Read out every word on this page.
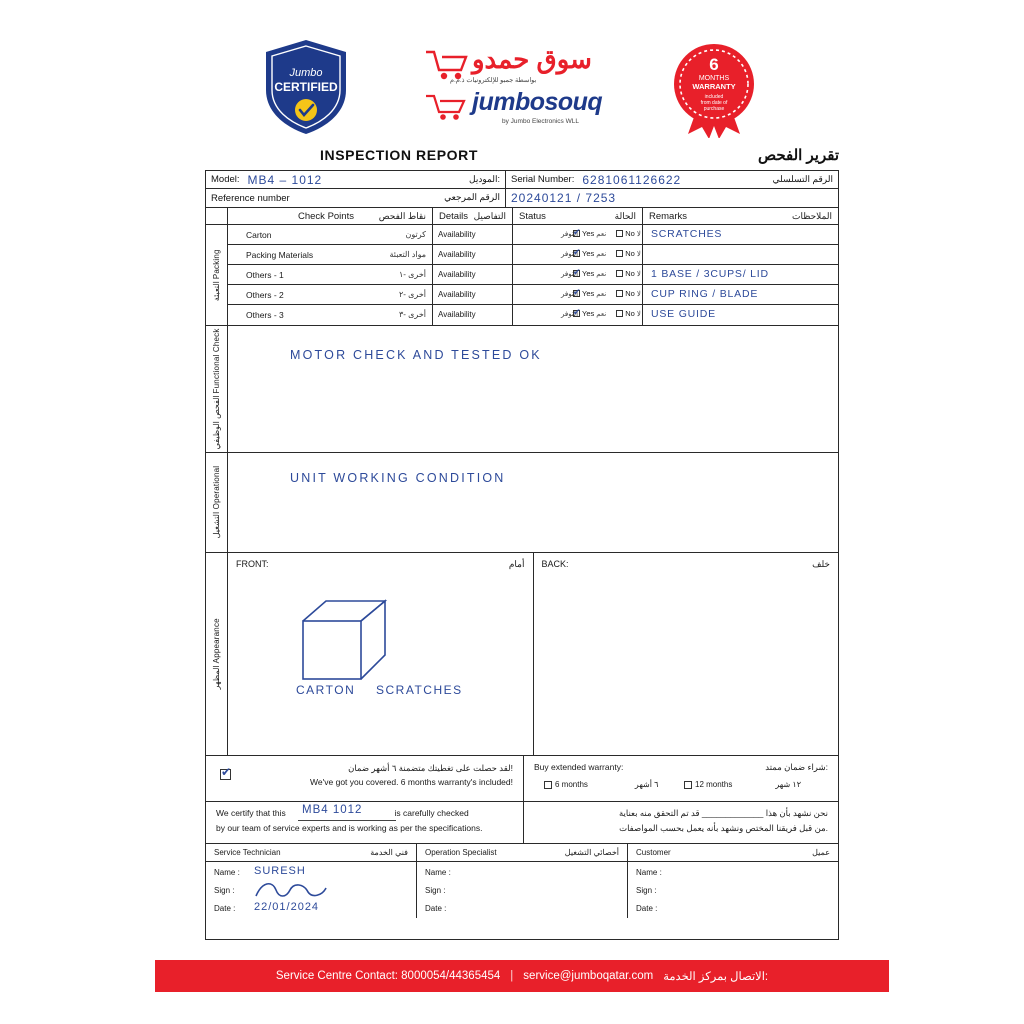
Jumbo
CERTIFIED
سوق حمدو
بواسطة جمبو للإلكترونيات ذ.م.م
jumbosouq
by Jumbo Electronics WLL
6
MONTHS
WARRANTY
included
from date of
purchase
INSPECTION REPORT	تقرير الفحص
Model: MB4 – 1012	الموديل: Serial Number: 6281061126622	الرقم التسلسلي
Reference number	الرقم المرجعي 20240121 / 7253
Check Points	نقاط الفحص Details التفاصيل Status	الحالة Remarks	الملاحظات
التعبئة Packing
Carton	كرتون Availability	التوفر ✔ Yes نعم	No لا SCRATCHES
Packing Materials	مواد التعبئة Availability	التوفر ✔ Yes نعم	No لا
Others - 1	أخرى -١ Availability	التوفر ✔ Yes نعم	No لا 1 BASE / 3CUPS/ LID
Others - 2	أخرى -٢ Availability	التوفر ✔ Yes نعم	No لا CUP RING / BLADE
Others - 3	أخرى -٣ Availability	التوفر ✔ Yes نعم	No لا USE GUIDE
الفحص الوظيفي Functional Check	MOTOR CHECK AND TESTED OK
التشغيل Operational	UNIT WORKING CONDITION
المظهر Appearance
FRONT:	أمام
CARTON SCRATCHES
BACK:	خلف
✔
لقد حصلت على تغطيتك متضمنة ٦ أشهر ضمان!
We've got you covered. 6 months warranty's included!
Buy extended warranty:	شراء ضمان ممتد:
6 months	٦ أشهر	12 months	١٢ شهر
We certify that this	is carefully checked
MB4 1012
by our team of service experts and is working as per the specifications.
نحن نشهد بأن هذا _____________ قد تم التحقق منه بعناية
من قبل فريقنا المختص ونشهد بأنه يعمل بحسب المواصفات.
Service Technician	فني الخدمة
Name : SURESH
Sign :
Date : 22/01/2024
Operation Specialist	أخصائي التشغيل
Name :
Sign :
Date :
Customer	عميل
Name :
Sign :
Date :
Service Centre Contact: 8000054/44365454 | service@jumboqatar.com الاتصال بمركز الخدمة:
